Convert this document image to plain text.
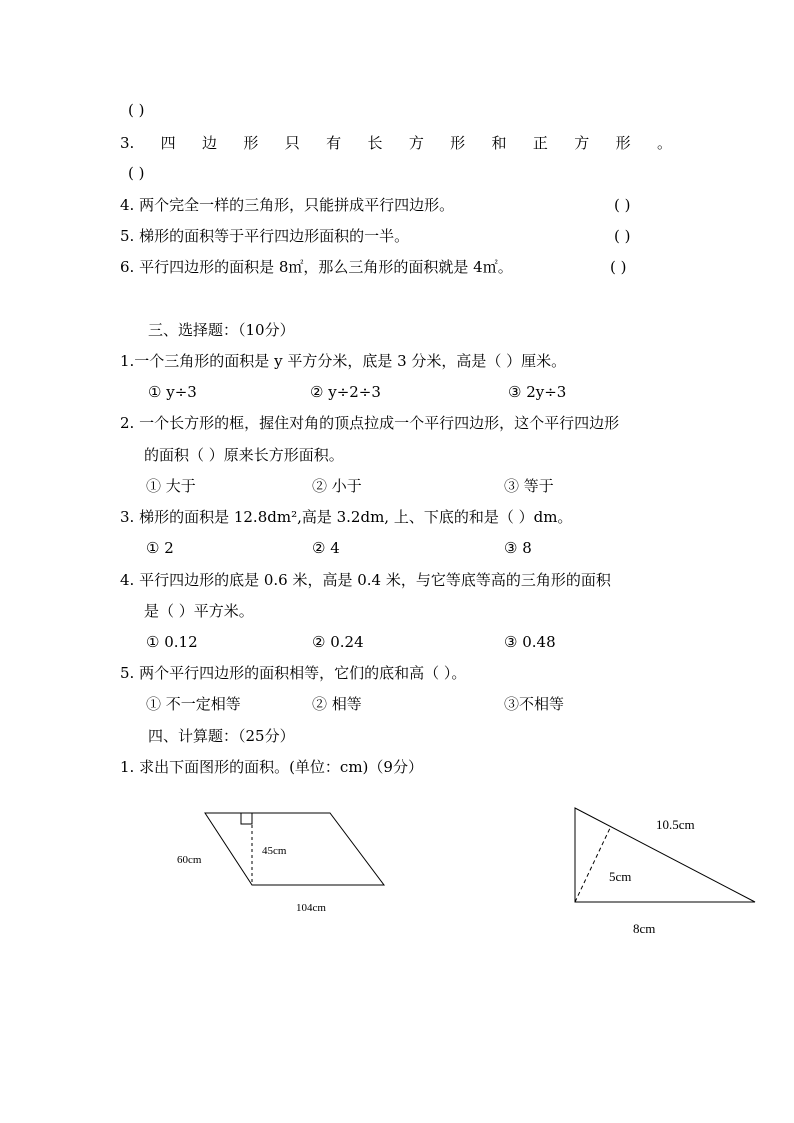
( )
3. 四 边 形 只 有 长 方 形 和 正 方 形 。
( )
4. 两个完全一样的三角形，只能拼成平行四边形。	( )
5. 梯形的面积等于平行四边形面积的一半。	( )
6. 平行四边形的面积是 8㎡，那么三角形的面积就是 4㎡。	( )
三、选择题：（10分）
1.一个三角形的面积是 y 平方分米，底是 3 分米，高是（ ）厘米。
① y÷3	② y÷2÷3	③ 2y÷3
2. 一个长方形的框，握住对角的顶点拉成一个平行四边形，这个平行四边形
的面积（ ）原来长方形面积。
① 大于	② 小于	③ 等于
3. 梯形的面积是 12.8dm²,高是 3.2dm, 上、下底的和是（ ）dm。
① 2	② 4	③ 8
4. 平行四边形的底是 0.6 米，高是 0.4 米，与它等底等高的三角形的面积
是（ ）平方米。
① 0.12	② 0.24	③ 0.48
5. 两个平行四边形的面积相等，它们的底和高（ ）。
① 不一定相等	② 相等	③不相等
四、计算题：（25分）
1. 求出下面图形的面积。(单位：cm)（9分）
60cm
45cm
104cm
10.5cm
5cm
8cm
